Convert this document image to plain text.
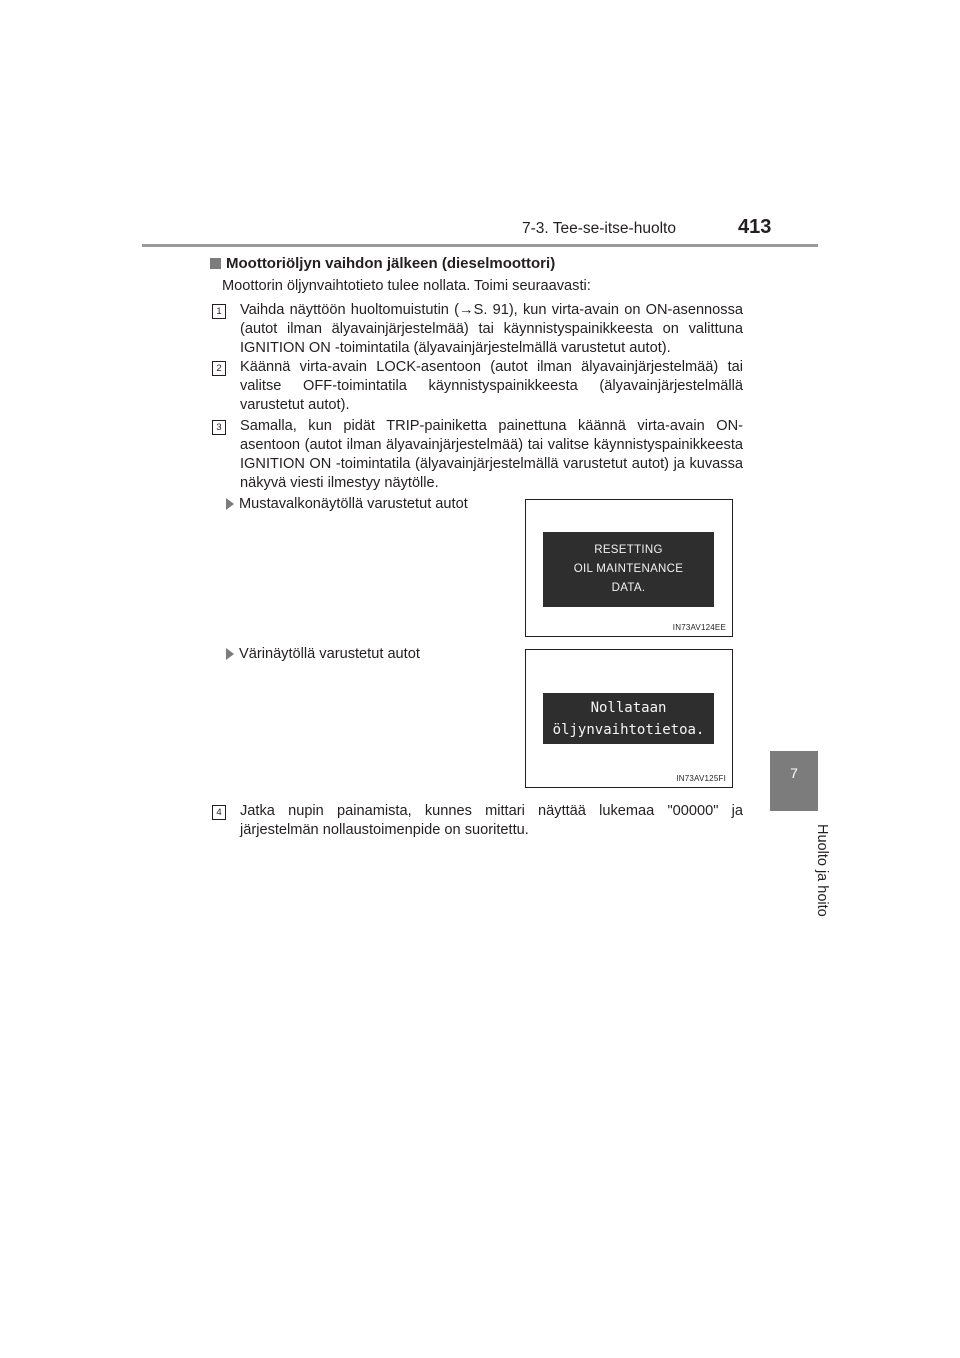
7-3. Tee-se-itse-huolto	413
7
Huolto ja hoito
Moottoriöljyn vaihdon jälkeen (dieselmoottori)
Moottorin öljynvaihtotieto tulee nollata. Toimi seuraavasti:
1 Vaihda näyttöön huoltomuistutin (→S. 91), kun virta-avain on ON-asennossa (autot ilman älyavainjärjestelmää) tai käynnistyspainikkeesta on valittuna IGNITION ON -toimintatila (älyavainjärjestelmällä varustetut autot).
2 Käännä virta-avain LOCK-asentoon (autot ilman älyavainjärjestelmää) tai valitse OFF-toimintatila käynnistyspainikkeesta (älyavainjärjestelmällä varustetut autot).
3 Samalla, kun pidät TRIP-painiketta painettuna käännä virta-avain ON-asentoon (autot ilman älyavainjärjestelmää) tai valitse käynnistyspainikkeesta IGNITION ON -toimintatila (älyavainjärjestelmällä varustetut autot) ja kuvassa näkyvä viesti ilmestyy näytölle.
Mustavalkonäytöllä varustetut autot
RESETTING
OIL MAINTENANCE
DATA.
IN73AV124EE
Värinäytöllä varustetut autot
Nollataan
öljynvaihtotietoa.
IN73AV125FI
4 Jatka nupin painamista, kunnes mittari näyttää lukemaa "00000" ja järjestelmän nollaustoimenpide on suoritettu.
